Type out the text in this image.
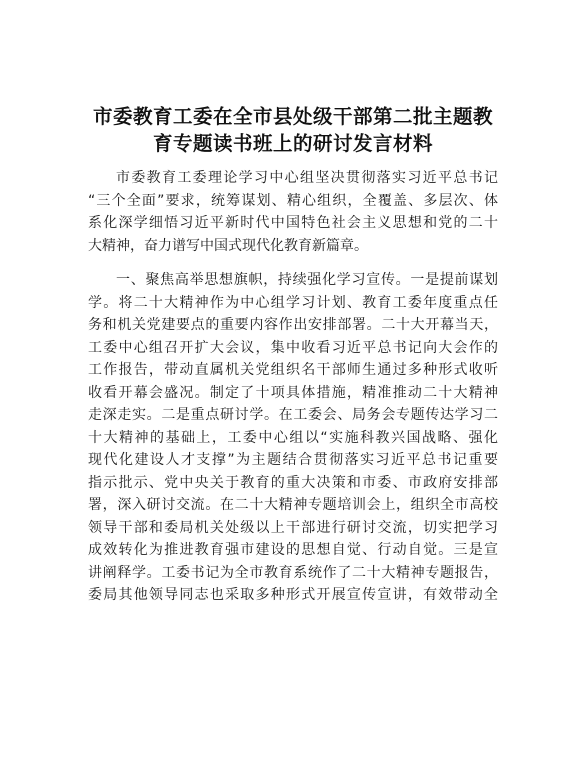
市委教育工委在全市县处级干部第二批主题教
育专题读书班上的研讨发言材料

市委教育工委理论学习中心组坚决贯彻落实习近平总书记
“三个全面”要求，统筹谋划、精心组织，全覆盖、多层次、体
系化深学细悟习近平新时代中国特色社会主义思想和党的二十
大精神，奋力谱写中国式现代化教育新篇章。

一、聚焦高举思想旗帜，持续强化学习宣传。一是提前谋划
学。将二十大精神作为中心组学习计划、教育工委年度重点任
务和机关党建要点的重要内容作出安排部署。二十大开幕当天，
工委中心组召开扩大会议，集中收看习近平总书记向大会作的
工作报告，带动直属机关党组织名干部师生通过多种形式收听
收看开幕会盛况。制定了十项具体措施，精准推动二十大精神
走深走实。二是重点研讨学。在工委会、局务会专题传达学习二
十大精神的基础上，工委中心组以“实施科教兴国战略、强化
现代化建设人才支撑”为主题结合贯彻落实习近平总书记重要
指示批示、党中央关于教育的重大决策和市委、市政府安排部
署，深入研讨交流。在二十大精神专题培训会上，组织全市高校
领导干部和委局机关处级以上干部进行研讨交流，切实把学习
成效转化为推进教育强市建设的思想自觉、行动自觉。三是宣
讲阐释学。工委书记为全市教育系统作了二十大精神专题报告，
委局其他领导同志也采取多种形式开展宣传宣讲，有效带动全
